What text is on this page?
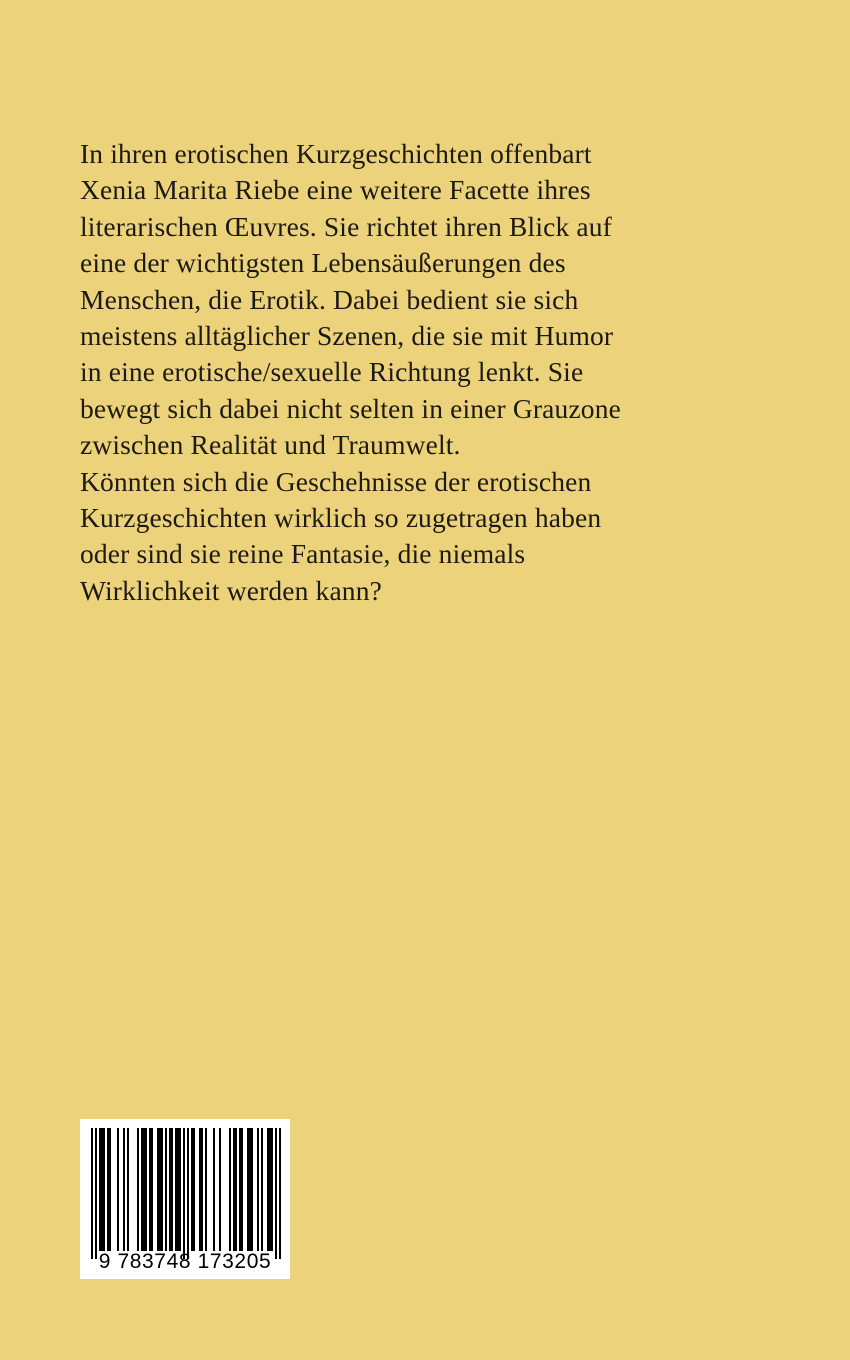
In ihren erotischen Kurzgeschichten offenbart
Xenia Marita Riebe eine weitere Facette ihres
literarischen Œuvres. Sie richtet ihren Blick auf
eine der wichtigsten Lebensäußerungen des
Menschen, die Erotik. Dabei bedient sie sich
meistens alltäglicher Szenen, die sie mit Humor
in eine erotische/sexuelle Richtung lenkt. Sie
bewegt sich dabei nicht selten in einer Grauzone
zwischen Realität und Traumwelt.
Könnten sich die Geschehnisse der erotischen
Kurzgeschichten wirklich so zugetragen haben
oder sind sie reine Fantasie, die niemals
Wirklichkeit werden kann?
9 783748 173205
